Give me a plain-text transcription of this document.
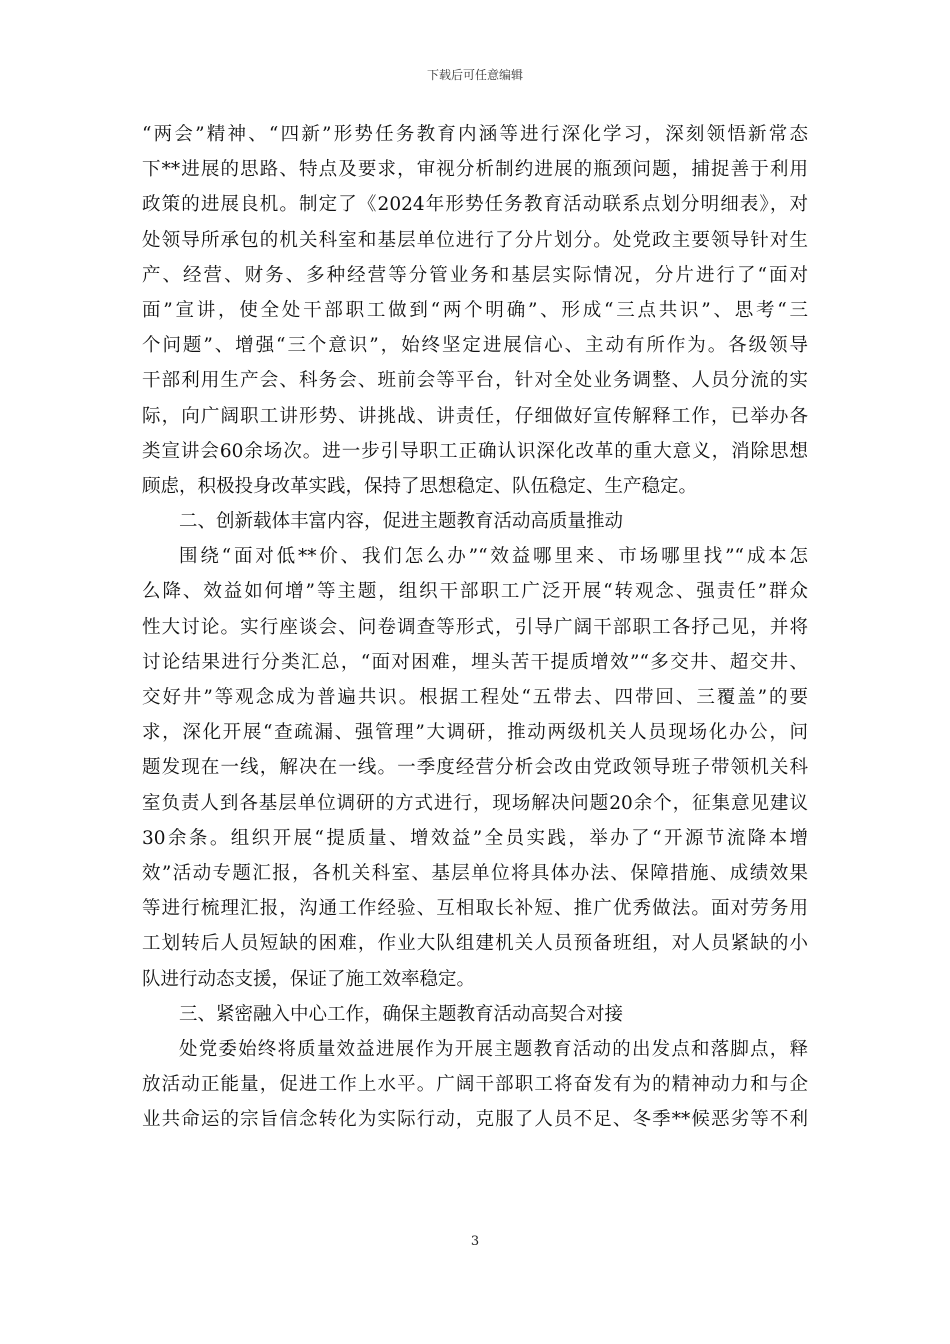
下载后可任意编辑
“两会”精神、“四新”形势任务教育内涵等进行深化学习，深刻领悟新常态
下**进展的思路、特点及要求，审视分析制约进展的瓶颈问题，捕捉善于利用
政策的进展良机。制定了《2024年形势任务教育活动联系点划分明细表》，对
处领导所承包的机关科室和基层单位进行了分片划分。处党政主要领导针对生
产、经营、财务、多种经营等分管业务和基层实际情况，分片进行了“面对
面”宣讲，使全处干部职工做到“两个明确”、形成“三点共识”、思考“三
个问题”、增强“三个意识”，始终坚定进展信心、主动有所作为。各级领导
干部利用生产会、科务会、班前会等平台，针对全处业务调整、人员分流的实
际，向广阔职工讲形势、讲挑战、讲责任，仔细做好宣传解释工作，已举办各
类宣讲会60余场次。进一步引导职工正确认识深化改革的重大意义，消除思想
顾虑，积极投身改革实践，保持了思想稳定、队伍稳定、生产稳定。
二、创新载体丰富内容，促进主题教育活动高质量推动
围绕“面对低**价、我们怎么办”“效益哪里来、市场哪里找”“成本怎
么降、效益如何增”等主题，组织干部职工广泛开展“转观念、强责任”群众
性大讨论。实行座谈会、问卷调查等形式，引导广阔干部职工各抒己见，并将
讨论结果进行分类汇总，“面对困难，埋头苦干提质增效”“多交井、超交井、
交好井”等观念成为普遍共识。根据工程处“五带去、四带回、三覆盖”的要
求，深化开展“查疏漏、强管理”大调研，推动两级机关人员现场化办公，问
题发现在一线，解决在一线。一季度经营分析会改由党政领导班子带领机关科
室负责人到各基层单位调研的方式进行，现场解决问题20余个，征集意见建议
30余条。组织开展“提质量、增效益”全员实践，举办了“开源节流降本增
效”活动专题汇报，各机关科室、基层单位将具体办法、保障措施、成绩效果
等进行梳理汇报，沟通工作经验、互相取长补短、推广优秀做法。面对劳务用
工划转后人员短缺的困难，作业大队组建机关人员预备班组，对人员紧缺的小
队进行动态支援，保证了施工效率稳定。
三、紧密融入中心工作，确保主题教育活动高契合对接
处党委始终将质量效益进展作为开展主题教育活动的出发点和落脚点，释
放活动正能量，促进工作上水平。广阔干部职工将奋发有为的精神动力和与企
业共命运的宗旨信念转化为实际行动，克服了人员不足、冬季**候恶劣等不利
3
